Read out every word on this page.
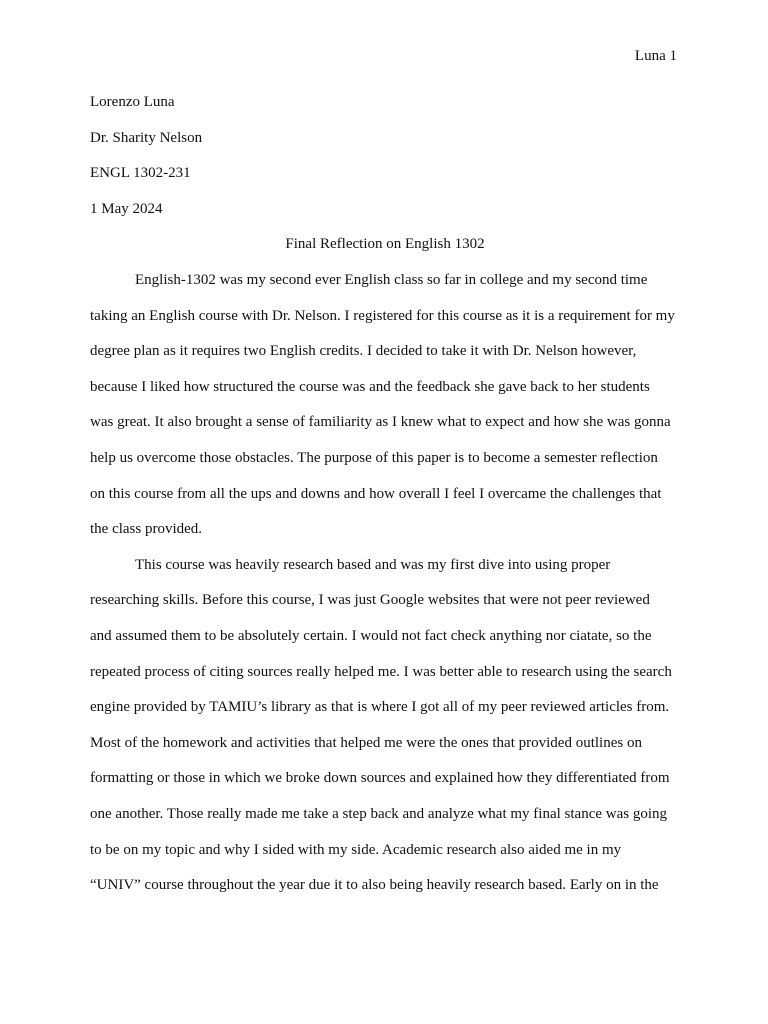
Luna 1
Lorenzo Luna
Dr. Sharity Nelson
ENGL 1302-231
1 May 2024
Final Reflection on English 1302
English-1302 was my second ever English class so far in college and my second time
taking an English course with Dr. Nelson. I registered for this course as it is a requirement for my
degree plan as it requires two English credits. I decided to take it with Dr. Nelson however,
because I liked how structured the course was and the feedback she gave back to her students
was great. It also brought a sense of familiarity as I knew what to expect and how she was gonna
help us overcome those obstacles. The purpose of this paper is to become a semester reflection
on this course from all the ups and downs and how overall I feel I overcame the challenges that
the class provided.
This course was heavily research based and was my first dive into using proper
researching skills. Before this course, I was just Google websites that were not peer reviewed
and assumed them to be absolutely certain. I would not fact check anything nor ciatate, so the
repeated process of citing sources really helped me. I was better able to research using the search
engine provided by TAMIU’s library as that is where I got all of my peer reviewed articles from.
Most of the homework and activities that helped me were the ones that provided outlines on
formatting or those in which we broke down sources and explained how they differentiated from
one another. Those really made me take a step back and analyze what my final stance was going
to be on my topic and why I sided with my side. Academic research also aided me in my
“UNIV” course throughout the year due it to also being heavily research based. Early on in the
